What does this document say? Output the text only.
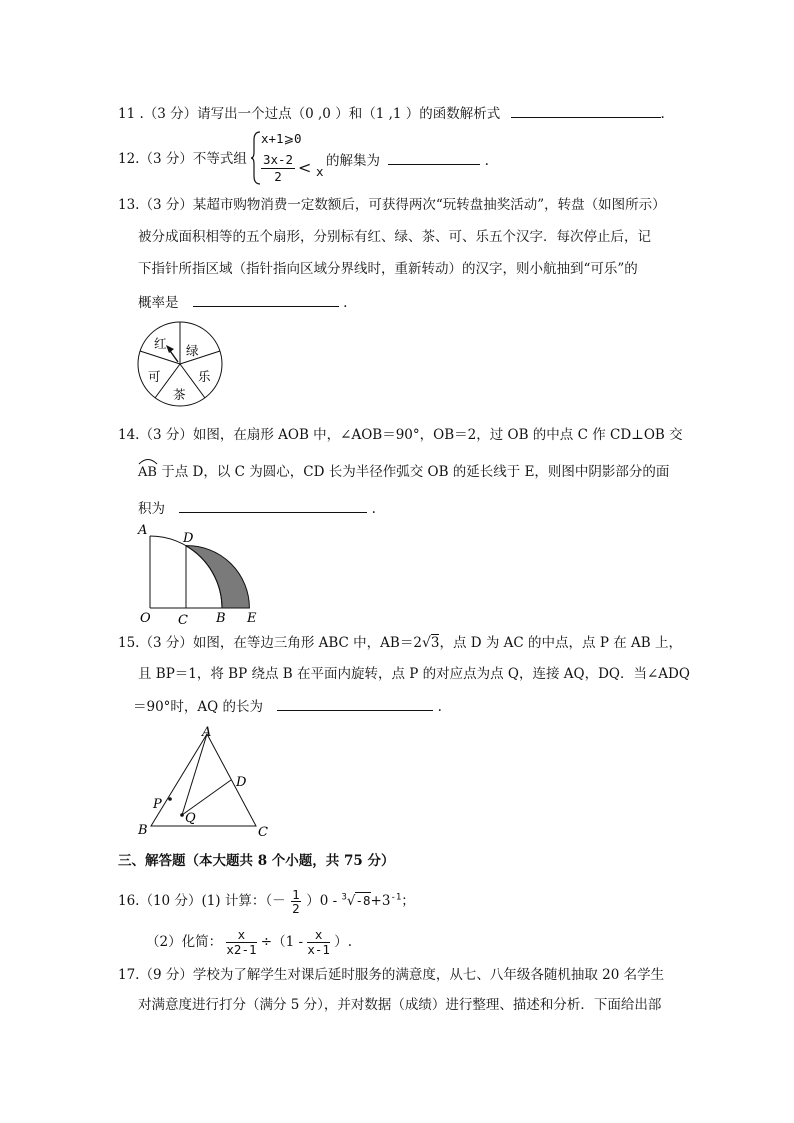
11 .（3 分）请写出一个过点（0 ,0 ）和（1 ,1 ）的函数解析式	.
12.（3 分）不等式组
x+1⩾0
3x-2
2	< x
的解集为	.
13.（3 分）某超市购物消费一定数额后，可获得两次“玩转盘抽奖活动”，转盘（如图所示）
被分成面积相等的五个扇形，分别标有红、绿、茶、可、乐五个汉字．每次停止后，记
下指针所指区域（指针指向区域分界线时，重新转动）的汉字，则小航抽到“可乐”的
概率是	.
红 绿
乐
茶
可
14.（3 分）如图，在扇形 AOB 中，∠AOB＝90°，OB＝2，过 OB 的中点 C 作 CD⊥OB 交
AB 于点 D，以 C 为圆心，CD 长为半径作弧交 OB 的延长线于 E，则图中阴影部分的面
积为	.
A
D
O C B E
15.（3 分）如图，在等边三角形 ABC 中，AB＝2√3，点 D 为 AC 的中点，点 P 在 AB 上，
且 BP＝1，将 BP 绕点 B 在平面内旋转，点 P 的对应点为点 Q，连接 AQ，DQ．当∠ADQ
＝90°时，AQ 的长为	.
A
D
P
Q
B	C
三、解答题（本大题共 8 个小题，共 75 分）
16.（10 分）(1) 计算：（－ $\frac{1}{2} )0 - ^3√-8+3^{-1}$；
（2）化简： $\frac{x}{x2-1} \div(1 - \frac{x}{x-1}$ ）.
17.（9 分）学校为了解学生对课后延时服务的满意度，从七、八年级各随机抽取 20 名学生
对满意度进行打分（满分 5 分），并对数据（成绩）进行整理、描述和分析．下面给出部
